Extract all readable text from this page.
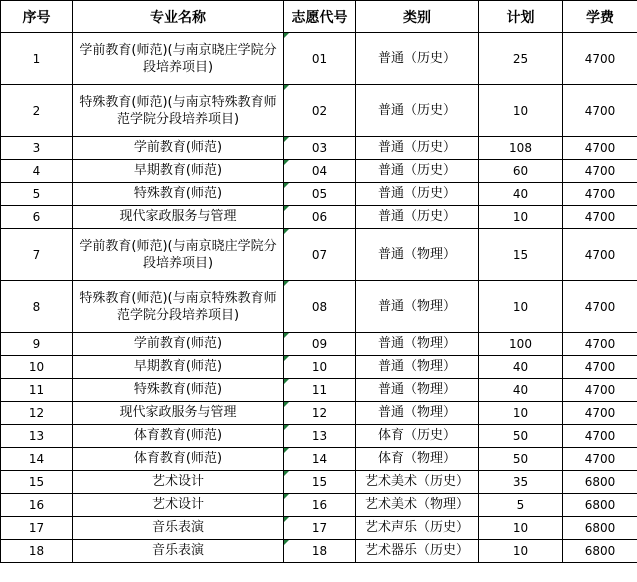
序号	专业名称	志愿代号	类别	计划	学费
1	学前教育(师范)(与南京晓庄学院分段培养项目)	01	普通（历史）	25	4700
2	特殊教育(师范)(与南京特殊教育师范学院分段培养项目)	02	普通（历史）	10	4700
3	学前教育(师范)	03	普通（历史）	108	4700
4	早期教育(师范)	04	普通（历史）	60	4700
5	特殊教育(师范)	05	普通（历史）	40	4700
6	现代家政服务与管理	06	普通（历史）	10	4700
7	学前教育(师范)(与南京晓庄学院分段培养项目)	07	普通（物理）	15	4700
8	特殊教育(师范)(与南京特殊教育师范学院分段培养项目)	08	普通（物理）	10	4700
9	学前教育(师范)	09	普通（物理）	100	4700
10	早期教育(师范)	10	普通（物理）	40	4700
11	特殊教育(师范)	11	普通（物理）	40	4700
12	现代家政服务与管理	12	普通（物理）	10	4700
13	体育教育(师范)	13	体育（历史）	50	4700
14	体育教育(师范)	14	体育（物理）	50	4700
15	艺术设计	15	艺术美术（历史）	35	6800
16	艺术设计	16	艺术美术（物理）	5	6800
17	音乐表演	17	艺术声乐（历史）	10	6800
18	音乐表演	18	艺术器乐（历史）	10	6800
